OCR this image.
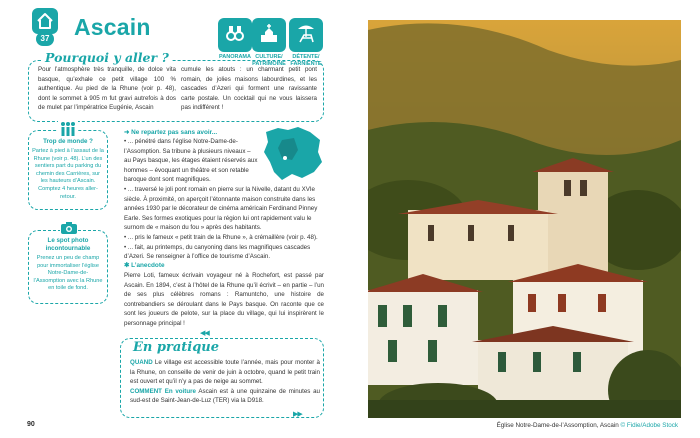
37 Ascain
PANORAMA CULTURE/ PATRIMOINE
DÉTENTE/ FARNIENTE
Pourquoi y aller ?
Pour l’atmosphère très tranquille, de dolce vita basque, qu’exhale ce petit village 100 % authentique. Au pied de la Rhune (voir p. 48), dont le sommet à 905 m fut gravi autrefois à dos de mulet par l’impératrice Eugénie, Ascain
cumule les atouts : un charmant petit pont romain, de jolies maisons labourdines, et les cascades d’Azeri qui forment une ravissante carte postale. Un cocktail qui ne vous laissera pas indifférent !
Trop de monde ?
Partez à pied à l’assaut de la Rhune (voir p. 48). L’un des sentiers part du parking du chemin des Carrières, sur les hauteurs d’Ascain. Comptez 4 heures aller-retour.
Le spot photo incontournable
Prenez un peu de champ pour immortaliser l’église Notre-Dame-de-l’Assomption avec la Rhune en toile de fond.
➜ Ne repartez pas sans avoir...
• ... pénétré dans l’église Notre-Dame-de-l’Assomption. Sa tribune à plusieurs niveaux – au Pays basque, les étages étaient réservés aux hommes – évoquant un théâtre et son retable baroque dont sont magnifiques.
• ... traversé le joli pont romain en pierre sur la Nivelle, datant du XVIe siècle. À proximité, on aperçoit l’étonnante maison construite dans les années 1930 par le décorateur de cinéma américain Ferdinand Pinney Earle. Ses formes exotiques pour la région lui ont rapidement valu le surnom de « maison du fou » après des habitants.
• ... pris le fameux « petit train de la Rhune », à crémaillère (voir p. 48).
• ... fait, au printemps, du canyoning dans les magnifiques cascades d’Azeri. Se renseigner à l’office de tourisme d’Ascain.
✱ L’anecdote
Pierre Loti, fameux écrivain voyageur né à Rochefort, est passé par Ascain. En 1894, c’est à l’hôtel de la Rhune qu’il écrivit – en partie – l’un de ses plus célèbres romans : Ramuntcho, une histoire de contrebandiers se déroulant dans le Pays basque. On raconte que ce sont les joueurs de pelote, sur la place du village, qui lui inspirèrent le personnage principal !
◀◀
En pratique
QUAND Le village est accessible toute l’année, mais pour monter à la Rhune, on conseille de venir de juin à octobre, quand le petit train est ouvert et qu’il n’y a pas de neige au sommet.
COMMENT En voiture Ascain est à une quinzaine de minutes au sud-est de Saint-Jean-de-Luz (TER) via la D918.
▶▶
90	Église Notre-Dame-de-l’Assomption, Ascain © Fidie/Adobe Stock
